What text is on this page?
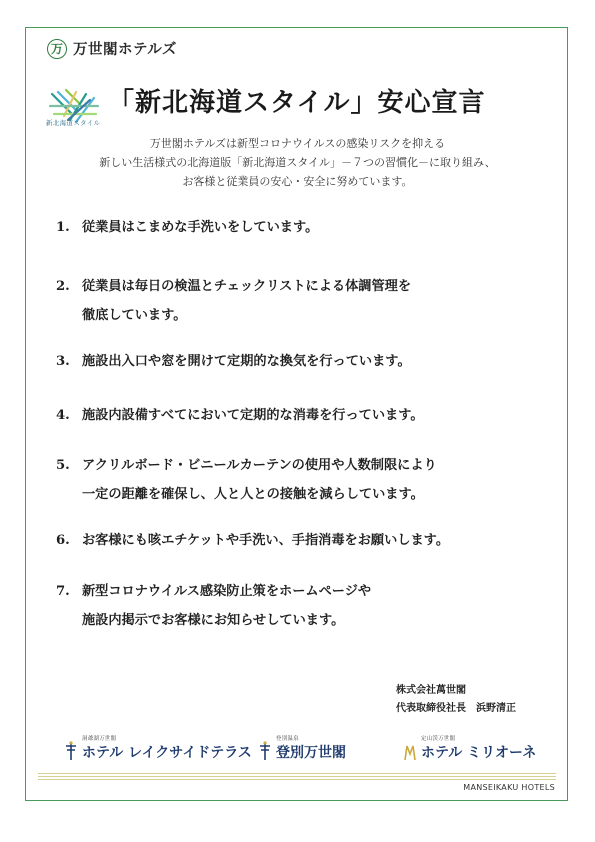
万 万世閣ホテルズ
新北海道スタイル
「新北海道スタイル」安心宣言
万世閣ホテルズは新型コロナウイルスの感染リスクを抑える
新しい生活様式の北海道版「新北海道スタイル」－７つの習慣化－に取り組み、
お客様と従業員の安心・安全に努めています。
1. 従業員はこまめな手洗いをしています。
2. 従業員は毎日の検温とチェックリストによる体調管理を
徹底しています。
3. 施設出入口や窓を開けて定期的な換気を行っています。
4. 施設内設備すべてにおいて定期的な消毒を行っています。
5. アクリルボード・ビニールカーテンの使用や人数制限により
一定の距離を確保し、人と人との接触を減らしています。
6. お客様にも咳エチケットや手洗い、手指消毒をお願いします。
7. 新型コロナウイルス感染防止策をホームページや
施設内掲示でお客様にお知らせしています。
株式会社萬世閣
代表取締役社長　浜野清正
洞爺湖万世閣
ホテル レイクサイドテラス
登別温泉
登別万世閣
定山渓万世閣
ホテル ミリオーネ
MANSEIKAKU HOTELS
